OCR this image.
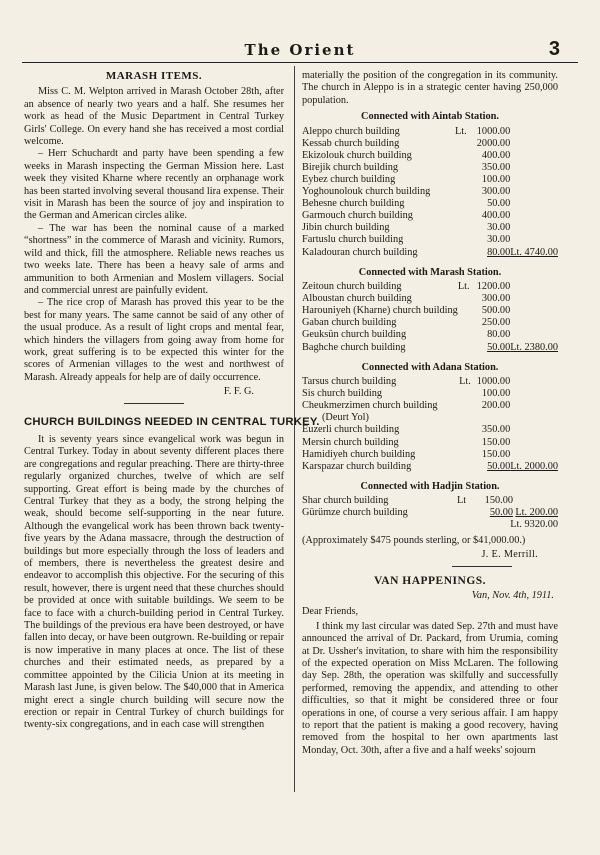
The Orient	3
MARASH ITEMS.

Miss C. M. Welpton arrived in Marash October 28th, after an absence of nearly two years and a half. She resumes her work as head of the Music Department in Central Turkey Girls' College. On every hand she has received a most cordial welcome.

– Herr Schuchardt and party have been spending a few weeks in Marash inspecting the German Mission here. Last week they visited Kharne where recently an orphanage work has been started involving several thousand lira expense. Their visit in Marash has been the source of joy and inspiration to the German and American circles alike.

– The war has been the nominal cause of a marked “shortness” in the commerce of Marash and vicinity. Rumors, wild and thick, fill the atmosphere. Reliable news reaches us two weeks late. There has been a heavy sale of arms and ammunition to both Armenian and Moslem villagers. Social and commercial unrest are painfully evident.

– The rice crop of Marash has proved this year to be the best for many years. The same cannot be said of any other of the usual produce. As a result of light crops and mental fear, which hinders the villagers from going away from home for work, great suffering is to be expected this winter for the scores of Armenian villages to the west and northwest of Marash. Already appeals for help are of daily occurrence.

F. F. G.
CHURCH BUILDINGS NEEDED IN CENTRAL TURKEY.

It is seventy years since evangelical work was begun in Central Turkey. Today in about seventy different places there are congregations and regular preaching. There are thirty-three regularly organized churches, twelve of which are self supporting. Great effort is being made by the churches of Central Turkey that they as a body, the strong helping the weak, should become self-supporting in the near future. Although the evangelical work has been thrown back twenty-five years by the Adana massacre, through the destruction of buildings but more especially through the loss of leaders and of members, there is nevertheless the greatest desire and endeavor to accomplish this objective. For the securing of this result, however, there is urgent need that these churches should be provided at once with suitable buildings. We seem to be face to face with a church-building period in Central Turkey. The buildings of the previous era have been destroyed, or have fallen into decay, or have been outgrown. Re-building or repair is now imperative in many places at once. The list of these churches and their estimated needs, as prepared by a committee appointed by the Cilicia Union at its meeting in Marash last June, is given below. The $40,000 that in America might erect a single church building will secure now the erection or repair in Central Turkey of church buildings for twenty-six congregations, and in each case will strengthen

materially the position of the congregation in its community. The church in Aleppo is in a strategic center having 250,000 population.

Connected with Aintab Station.
Aleppo church building	Lt.	1000.00	
Kessab church building		2000.00	
Ekizolouk church building		400.00	
Birejik church building		350.00	
Eybez church building		100.00	
Yoghounolouk church building		300.00	
Behesne church building		50.00	
Garmouch church building		400.00	
Jibin church building		30.00	
Fartuslu church building		30.00	
Kaladouran church building		80.00	Lt. 4740.00
Connected with Marash Station.
Zeitoun church building	Lt.	1200.00	
Alboustan church building		300.00	
Harouniyeh (Kharne) church building		500.00	
Gaban church building		250.00	
Geuksün church building		80.00	
Baghche church building		50.00	Lt. 2380.00
Connected with Adana Station.
Tarsus church building	Lt.	1000.00	
Sis church building		100.00	
Cheukmerzimen church building		200.00	
(Deurt Yol)			
Euzerli church building		350.00	
Mersin church building		150.00	
Hamidiyeh church building		150.00	
Karspazar church building		50.00	Lt. 2000.00
Connected with Hadjin Station.
Shar church building	Lt	150.00	
Gürümze church building		50.00	Lt. 200.00
Lt. 9320.00
(Approximately $475 pounds sterling, or $41,000.00.)
J. E. Merrill.
VAN HAPPENINGS.
Van, Nov. 4th, 1911.
Dear Friends,

I think my last circular was dated Sep. 27th and must have announced the arrival of Dr. Packard, from Urumia, coming at Dr. Ussher's invitation, to share with him the responsibility of the expected operation on Miss McLaren. The following day Sep. 28th, the operation was skilfully and successfully performed, removing the appendix, and attending to other difficulties, so that it might be considered three or four operations in one, of course a very serious affair. I am happy to report that the patient is making a good recovery, having removed from the hospital to her own apartments last Monday, Oct. 30th, after a five and a half weeks' sojourn
